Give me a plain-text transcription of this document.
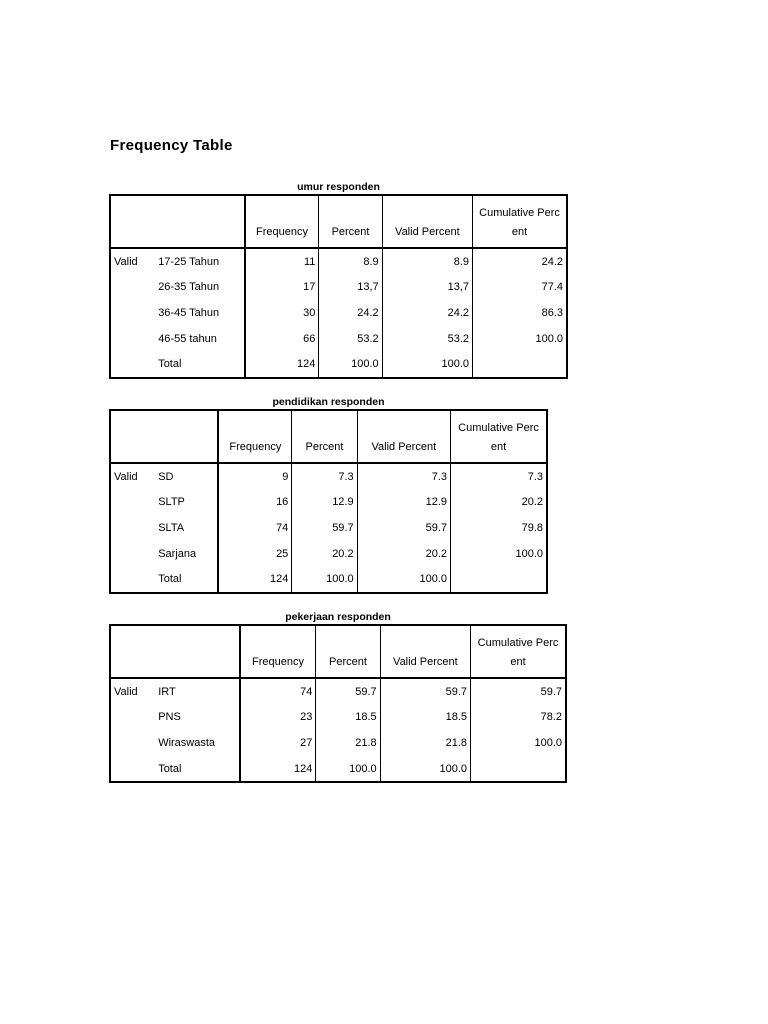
Frequency Table
umur responden
		Frequency	Percent	Valid Percent	Cumulative Perc
ent
Valid	17-25 Tahun	11	8.9	8.9	24.2
	26-35 Tahun	17	13,7	13,7	77.4
	36-45 Tahun	30	24.2	24.2	86.3
	46-55 tahun	66	53.2	53.2	100.0
	Total	124	100.0	100.0	
pendidikan responden
		Frequency	Percent	Valid Percent	Cumulative Perc
ent
Valid	SD	9	7.3	7.3	7.3
	SLTP	16	12.9	12.9	20.2
	SLTA	74	59.7	59.7	79.8
	Sarjana	25	20.2	20.2	100.0
	Total	124	100.0	100.0	
pekerjaan responden
		Frequency	Percent	Valid Percent	Cumulative Perc
ent
Valid	IRT	74	59.7	59.7	59.7
	PNS	23	18.5	18.5	78.2
	Wiraswasta	27	21.8	21.8	100.0
	Total	124	100.0	100.0	
